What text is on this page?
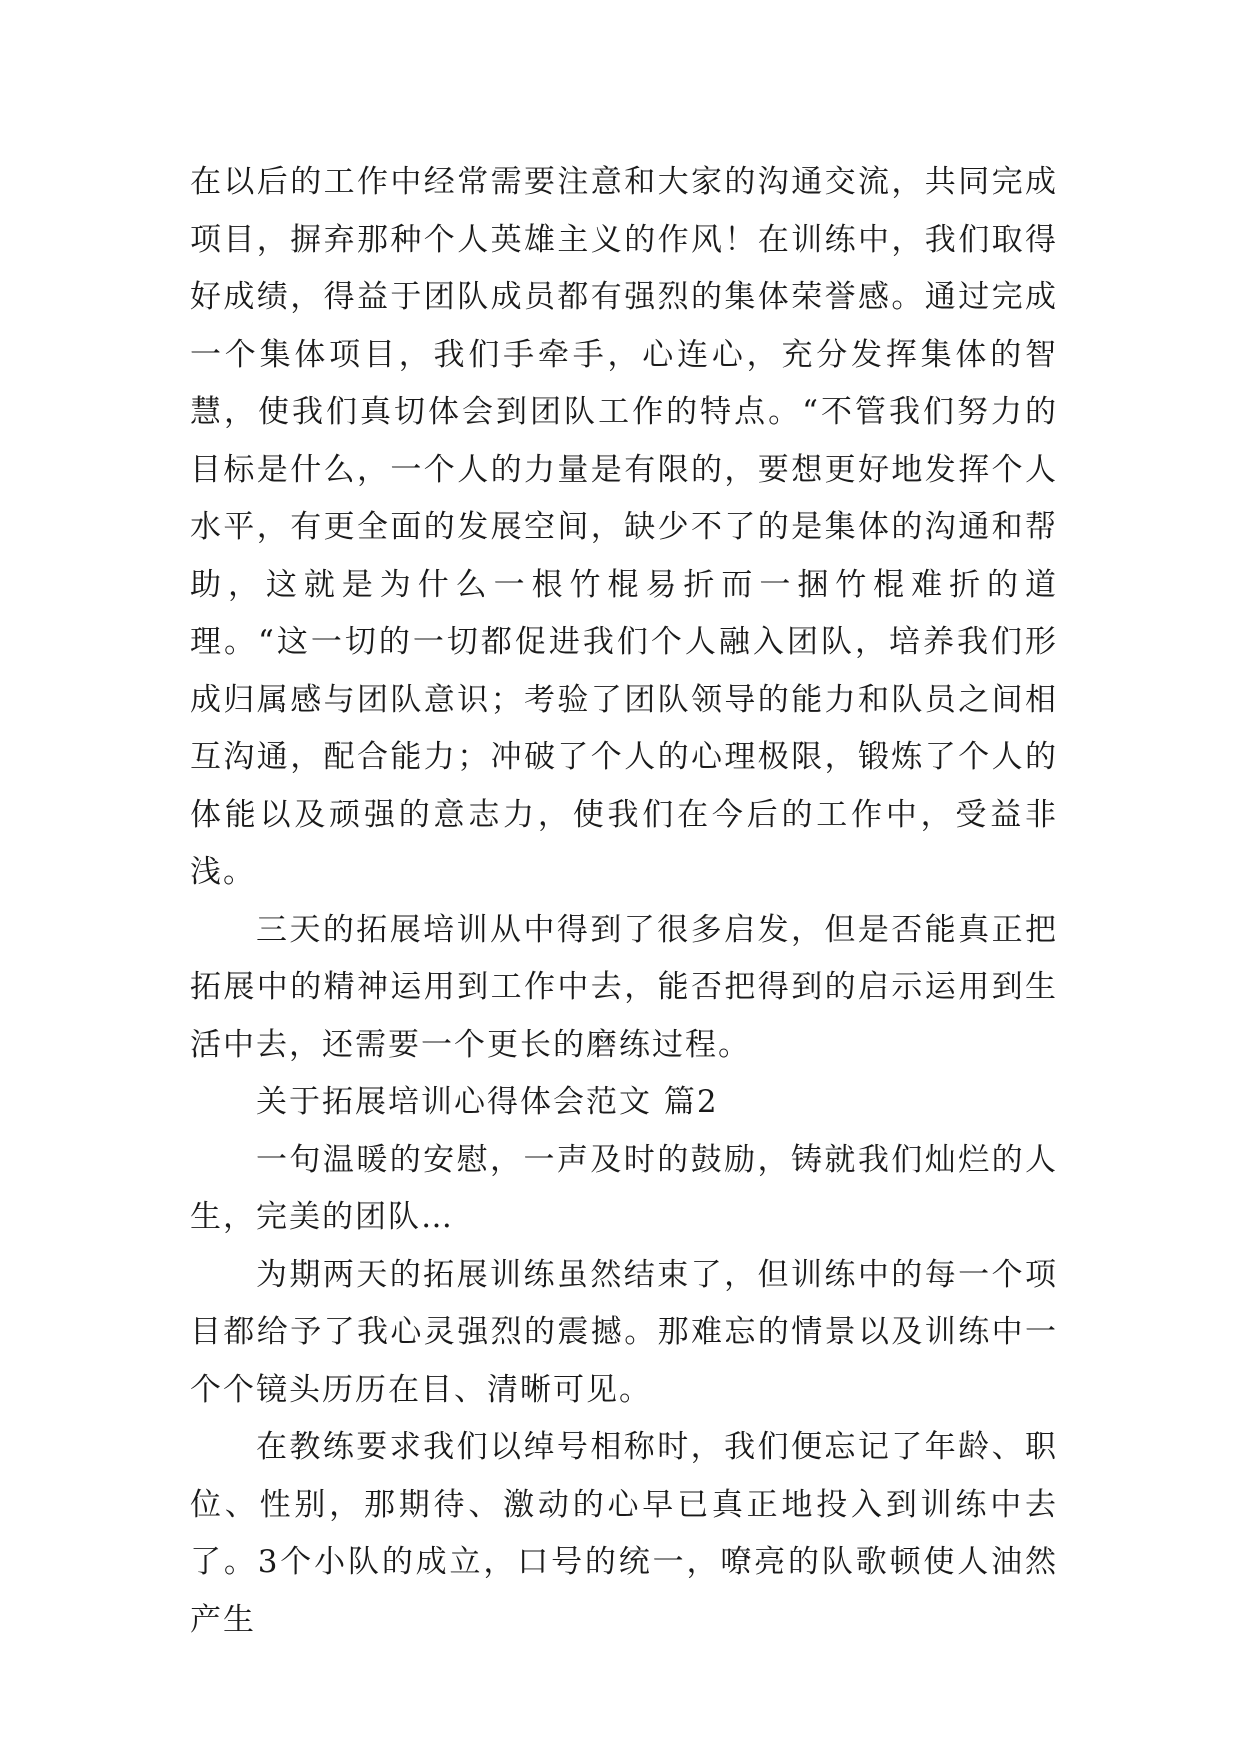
在以后的工作中经常需要注意和大家的沟通交流，共同完成项目，摒弃那种个人英雄主义的作风！在训练中，我们取得好成绩，得益于团队成员都有强烈的集体荣誉感。通过完成一个集体项目，我们手牵手，心连心，充分发挥集体的智慧，使我们真切体会到团队工作的特点。“不管我们努力的目标是什么，一个人的力量是有限的，要想更好地发挥个人水平，有更全面的发展空间，缺少不了的是集体的沟通和帮助，这就是为什么一根竹棍易折而一捆竹棍难折的道理。“这一切的一切都促进我们个人融入团队，培养我们形成归属感与团队意识；考验了团队领导的能力和队员之间相互沟通，配合能力；冲破了个人的心理极限，锻炼了个人的体能以及顽强的意志力，使我们在今后的工作中，受益非浅。

三天的拓展培训从中得到了很多启发，但是否能真正把拓展中的精神运用到工作中去，能否把得到的启示运用到生活中去，还需要一个更长的磨练过程。

关于拓展培训心得体会范文 篇2

一句温暖的安慰，一声及时的鼓励，铸就我们灿烂的人生，完美的团队…

为期两天的拓展训练虽然结束了，但训练中的每一个项目都给予了我心灵强烈的震撼。那难忘的情景以及训练中一个个镜头历历在目、清晰可见。

在教练要求我们以绰号相称时，我们便忘记了年龄、职位、性别，那期待、激动的心早已真正地投入到训练中去了。3个小队的成立，口号的统一，嘹亮的队歌顿使人油然产生
